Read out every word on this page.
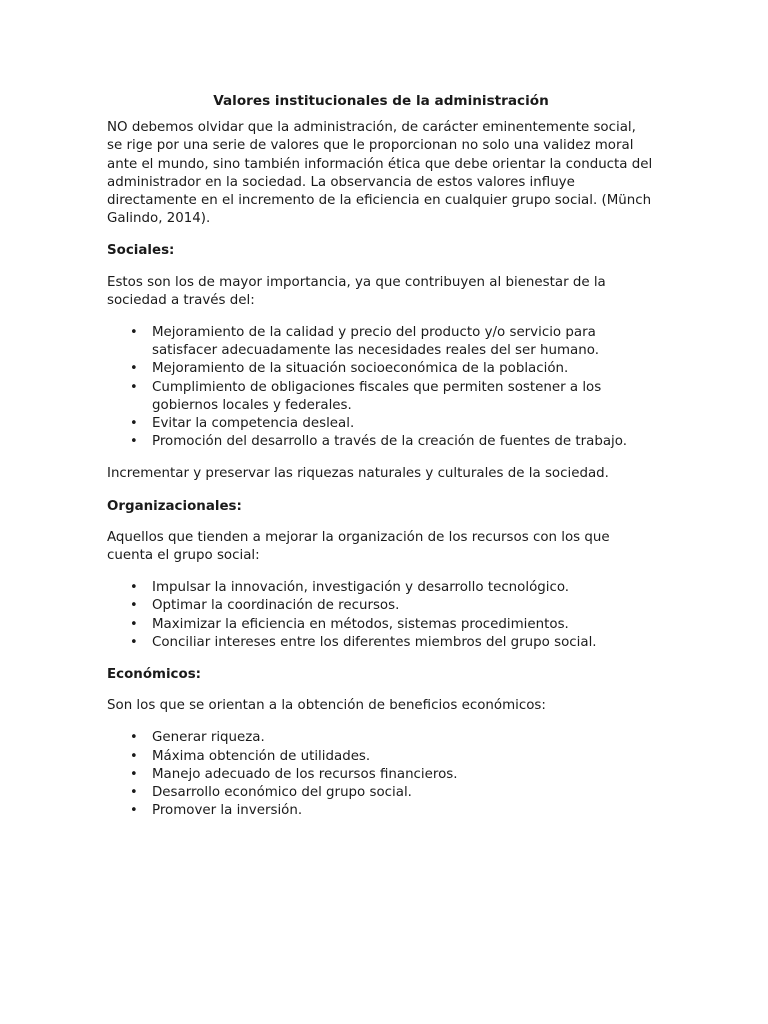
Valores institucionales de la administración
NO debemos olvidar que la administración, de carácter eminentemente social, se rige por una serie de valores que le proporcionan no solo una validez moral ante el mundo, sino también información ética que debe orientar la conducta del administrador en la sociedad. La observancia de estos valores influye directamente en el incremento de la eficiencia en cualquier grupo social. (Münch Galindo, 2014).
Sociales:
Estos son los de mayor importancia, ya que contribuyen al bienestar de la sociedad a través del:
• Mejoramiento de la calidad y precio del producto y/o servicio para satisfacer adecuadamente las necesidades reales del ser humano.
• Mejoramiento de la situación socioeconómica de la población.
• Cumplimiento de obligaciones fiscales que permiten sostener a los gobiernos locales y federales.
• Evitar la competencia desleal.
• Promoción del desarrollo a través de la creación de fuentes de trabajo.
Incrementar y preservar las riquezas naturales y culturales de la sociedad.
Organizacionales:
Aquellos que tienden a mejorar la organización de los recursos con los que cuenta el grupo social:
• Impulsar la innovación, investigación y desarrollo tecnológico.
• Optimar la coordinación de recursos.
• Maximizar la eficiencia en métodos, sistemas procedimientos.
• Conciliar intereses entre los diferentes miembros del grupo social.
Económicos:
Son los que se orientan a la obtención de beneficios económicos:
• Generar riqueza.
• Máxima obtención de utilidades.
• Manejo adecuado de los recursos financieros.
• Desarrollo económico del grupo social.
• Promover la inversión.
